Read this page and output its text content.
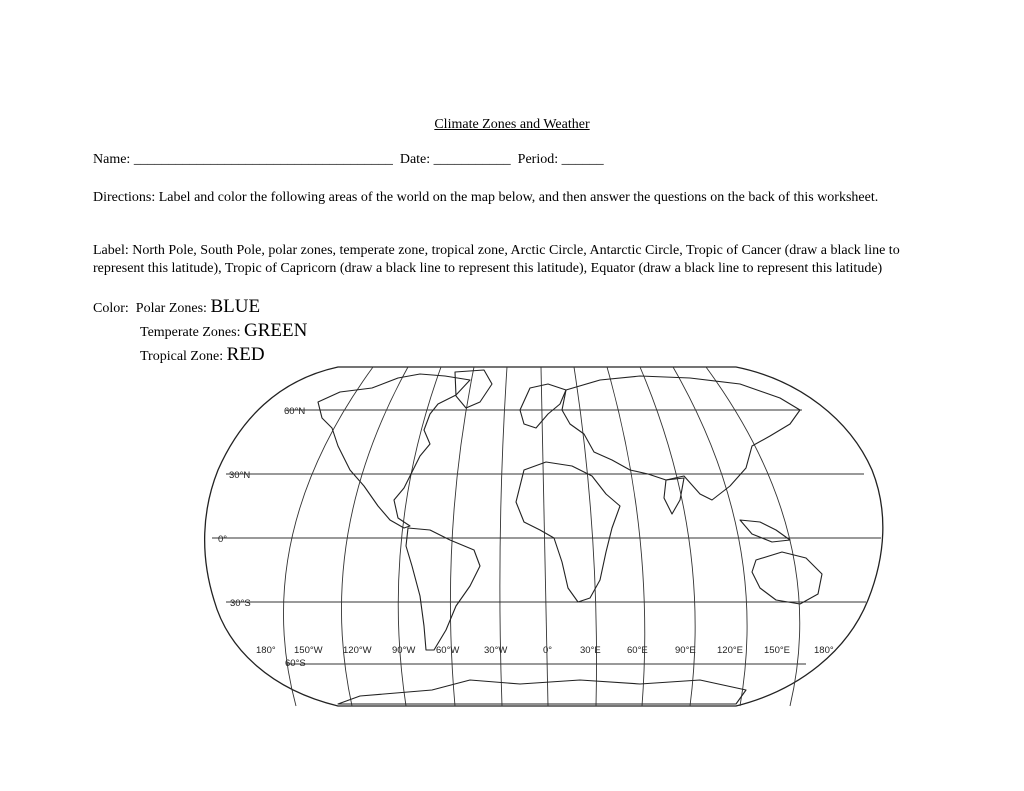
Climate Zones and Weather
Name: _____________________________________ Date: ___________ Period: ______
Directions: Label and color the following areas of the world on the map below, and then answer the questions on the back of this worksheet.
Label: North Pole, South Pole, polar zones, temperate zone, tropical zone, Arctic Circle, Antarctic Circle, Tropic of Cancer (draw a black line to represent this latitude), Tropic of Capricorn (draw a black line to represent this latitude), Equator (draw a black line to represent this latitude)
Color: Polar Zones: BLUE
Temperate Zones: GREEN
Tropical Zone: RED
60°N
30°N
0°
30°S
60°S
180° 150°W 120°W 90°W 60°W	30°W	0°	30°E	60°E	90°E 120°E 150°E	180°
